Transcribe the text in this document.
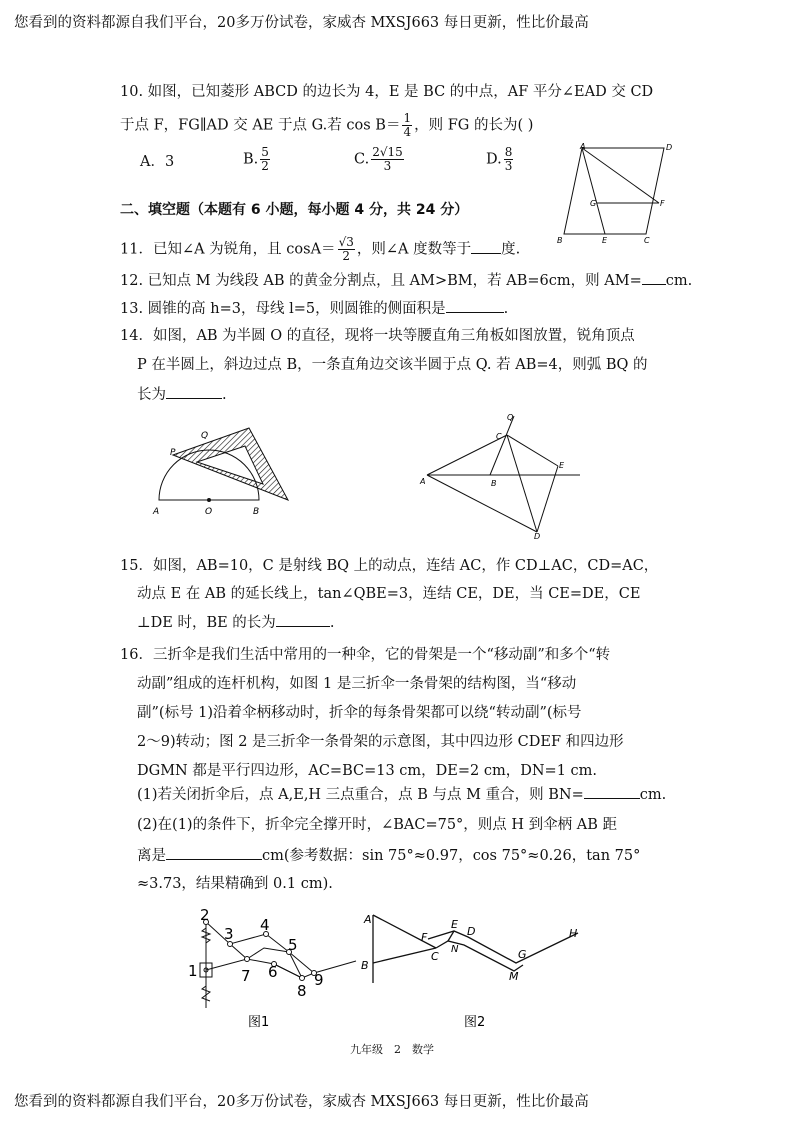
您看到的资料都源自我们平台，20多万份试卷，家威杏 MXSJ663 每日更新，性比价最高
您看到的资料都源自我们平台，20多万份试卷，家威杏 MXSJ663 每日更新，性比价最高
10. 如图，已知菱形 ABCD 的边长为 4，E 是 BC 的中点，AF 平分∠EAD 交 CD
于点 F，FG∥AD 交 AE 于点 G.若 $\cos B= \frac{1}{4}$ ，则 FG 的长为( )
A．3	B. $\frac{5}{2}$	C. $\frac{2√15}{3}$	D. $\frac{8}{3}$	A	D
G	F
B	E	C
二、填空题（本题有 6 小题，每小题 4 分，共 24 分）
11．已知∠A 为锐角，且 $\cos A= \frac{√3}{2}$ ，则∠A 度数等于 度.
12. 已知点 M 为线段 AB 的黄金分割点，且 AM>BM，若 AB=6cm，则 AM= cm.
13. 圆锥的高 h=3，母线 l=5，则圆锥的侧面积是	.
14．如图，AB 为半圆 O 的直径，现将一块等腰直角三角板如图放置，锐角顶点
P 在半圆上，斜边过点 B，一条直角边交该半圆于点 Q. 若 AB=4，则弧 BQ 的
长为	.
P
Q
A	O	B
Q
C
E
A	B
D
15．如图，AB=10，C 是射线 BQ 上的动点，连结 AC，作 CD⊥AC，CD=AC，
动点 E 在 AB 的延长线上，tan∠QBE=3，连结 CE，DE，当 CE=DE，CE
⊥DE 时，BE 的长为	.
16．三折伞是我们生活中常用的一种伞，它的骨架是一个“移动副”和多个“转
动副”组成的连杆机构，如图 1 是三折伞一条骨架的结构图，当“移动
副”(标号 1)沿着伞柄移动时，折伞的每条骨架都可以绕“转动副”(标号
2～9)转动；图 2 是三折伞一条骨架的示意图，其中四边形 CDEF 和四边形
DGMN 都是平行四边形，AC=BC=13 cm，DE=2 cm，DN=1 cm.
(1)若关闭折伞后，点 A,E,H 三点重合，点 B 与点 M 重合，则 BN=	cm.
(2)在(1)的条件下，折伞完全撑开时，∠BAC=75°，则点 H 到伞柄 AB 距
离是	cm(参考数据：sin 75°≈0.97，cos 75°≈0.26，tan 75°
≈3.73，结果精确到 0.1 cm).
1
2
3 4
5
6
7
8
9
图1
A
B
F
E
D
C
N	G
M
H
图2
九年级　2　数学
